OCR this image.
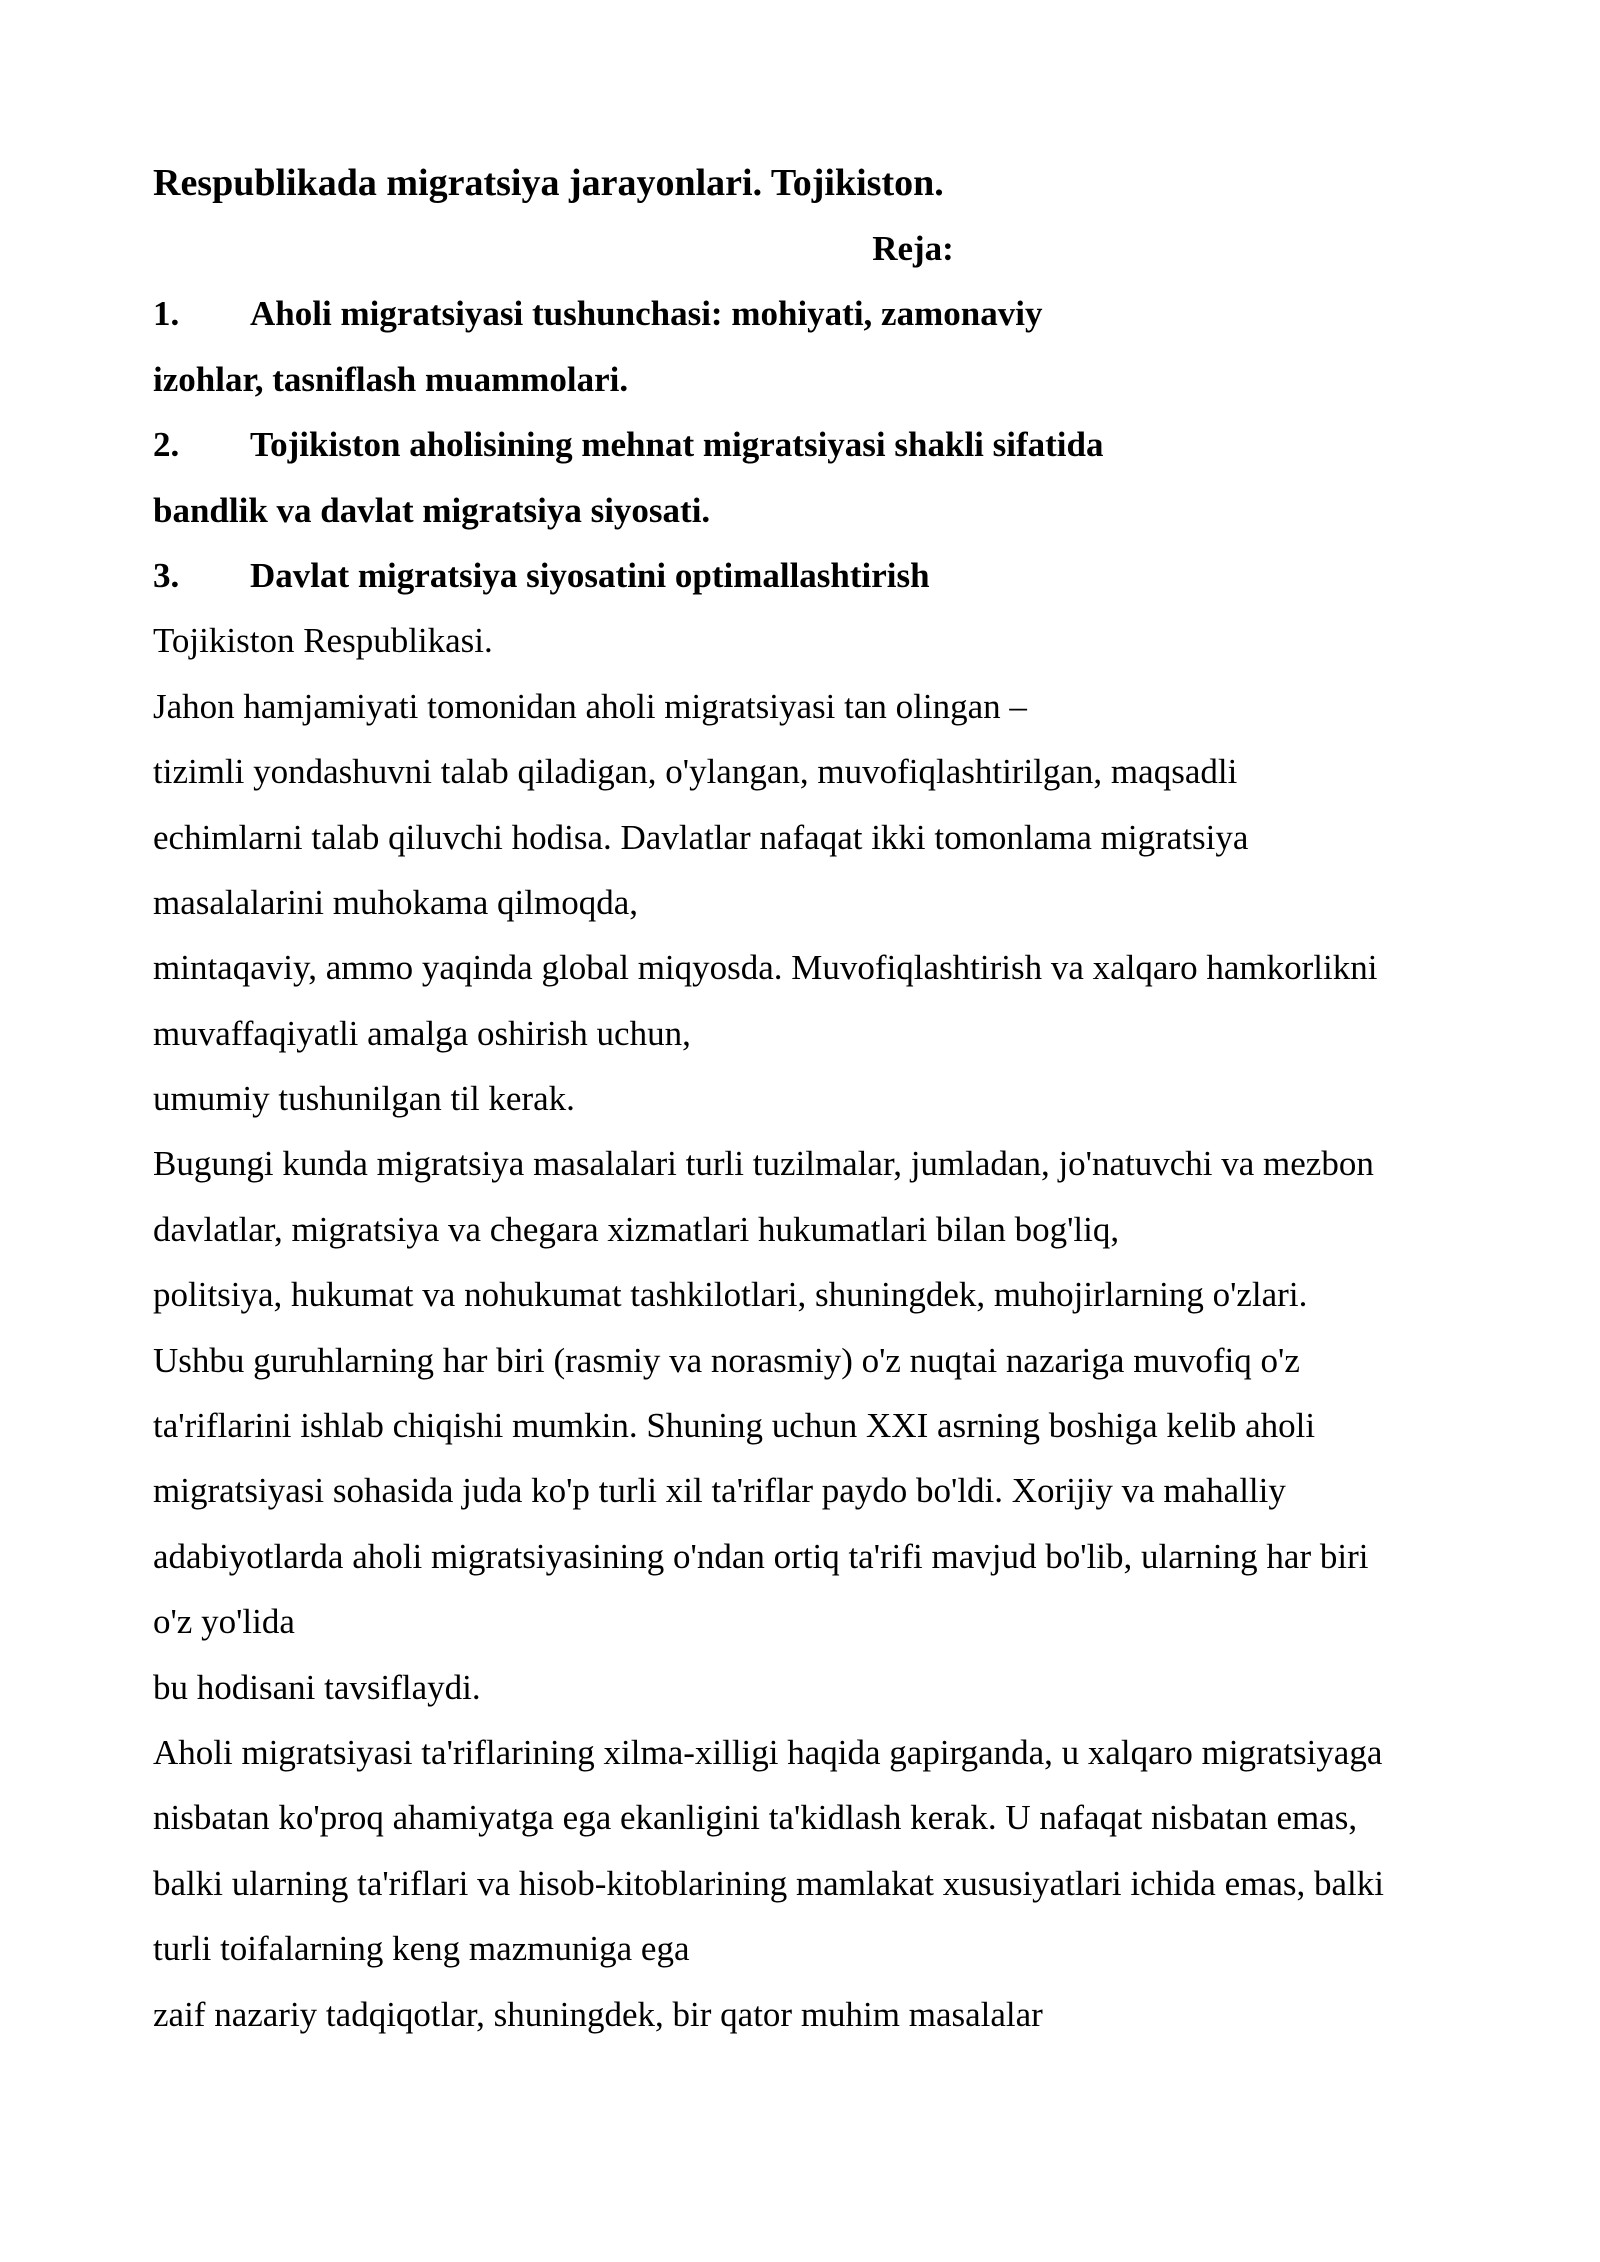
Respublikada migratsiya jarayonlari. Tojikiston.
Reja:
1. Aholi migratsiyasi tushunchasi: mohiyati, zamonaviy
izohlar, tasniflash muammolari.
2. Tojikiston aholisining mehnat migratsiyasi shakli sifatida
bandlik va davlat migratsiya siyosati.
3. Davlat migratsiya siyosatini optimallashtirish
Tojikiston Respublikasi.
Jahon hamjamiyati tomonidan aholi migratsiyasi tan olingan –
tizimli yondashuvni talab qiladigan, o'ylangan, muvofiqlashtirilgan, maqsadli
echimlarni talab qiluvchi hodisa. Davlatlar nafaqat ikki tomonlama migratsiya
masalalarini muhokama qilmoqda,
mintaqaviy, ammo yaqinda global miqyosda. Muvofiqlashtirish va xalqaro hamkorlikni
muvaffaqiyatli amalga oshirish uchun,
umumiy tushunilgan til kerak.
Bugungi kunda migratsiya masalalari turli tuzilmalar, jumladan, jo'natuvchi va mezbon
davlatlar, migratsiya va chegara xizmatlari hukumatlari bilan bog'liq,
politsiya, hukumat va nohukumat tashkilotlari, shuningdek, muhojirlarning o'zlari.
Ushbu guruhlarning har biri (rasmiy va norasmiy) o'z nuqtai nazariga muvofiq o'z
ta'riflarini ishlab chiqishi mumkin. Shuning uchun XXI asrning boshiga kelib aholi
migratsiyasi sohasida juda ko'p turli xil ta'riflar paydo bo'ldi. Xorijiy va mahalliy
adabiyotlarda aholi migratsiyasining o'ndan ortiq ta'rifi mavjud bo'lib, ularning har biri
o'z yo'lida
bu hodisani tavsiflaydi.
Aholi migratsiyasi ta'riflarining xilma-xilligi haqida gapirganda, u xalqaro migratsiyaga
nisbatan ko'proq ahamiyatga ega ekanligini ta'kidlash kerak. U nafaqat nisbatan emas,
balki ularning ta'riflari va hisob-kitoblarining mamlakat xususiyatlari ichida emas, balki
turli toifalarning keng mazmuniga ega
zaif nazariy tadqiqotlar, shuningdek, bir qator muhim masalalar
